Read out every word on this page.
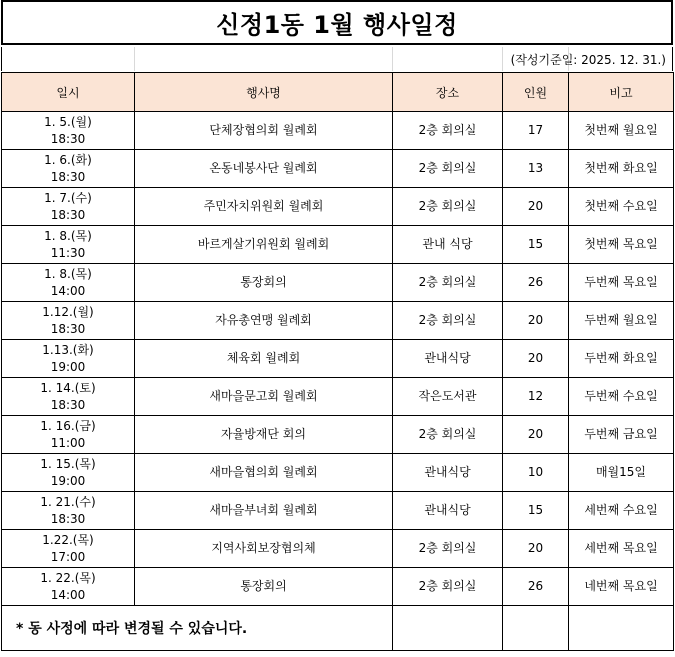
신정1동 1월 행사일정
(작성기준일: 2025. 12. 31.)
일시	행사명	장소	인원	비고

1. 5.(월)
18:30	단체장협의회 월례회	2층 회의실	17	첫번째 월요일

1. 6.(화)
18:30	온동네봉사단 월례회	2층 회의실	13	첫번째 화요일

1. 7.(수)
18:30	주민자치위원회 월례회	2층 회의실	20	첫번째 수요일

1. 8.(목)
11:30	바르게살기위원회 월례회	관내 식당	15	첫번째 목요일

1. 8.(목)
14:00	통장회의	2층 회의실	26	두번째 목요일

1.12.(월)
18:30	자유총연맹 월례회	2층 회의실	20	두번째 월요일

1.13.(화)
19:00	체육회 월례회	관내식당	20	두번째 화요일

1. 14.(토)
18:30	새마을문고회 월례회	작은도서관	12	두번째 수요일

1. 16.(금)
11:00	자율방재단 회의	2층 회의실	20	두번째 금요일

1. 15.(목)
19:00	새마을협의회 월례회	관내식당	10	매월15일

1. 21.(수)
18:30	새마을부녀회 월례회	관내식당	15	세번째 수요일

1.22.(목)
17:00	지역사회보장협의체	2층 회의실	20	세번째 목요일

1. 22.(목)
14:00	통장회의	2층 회의실	26	네번째 목요일
* 동 사정에 따라 변경될 수 있습니다.				
